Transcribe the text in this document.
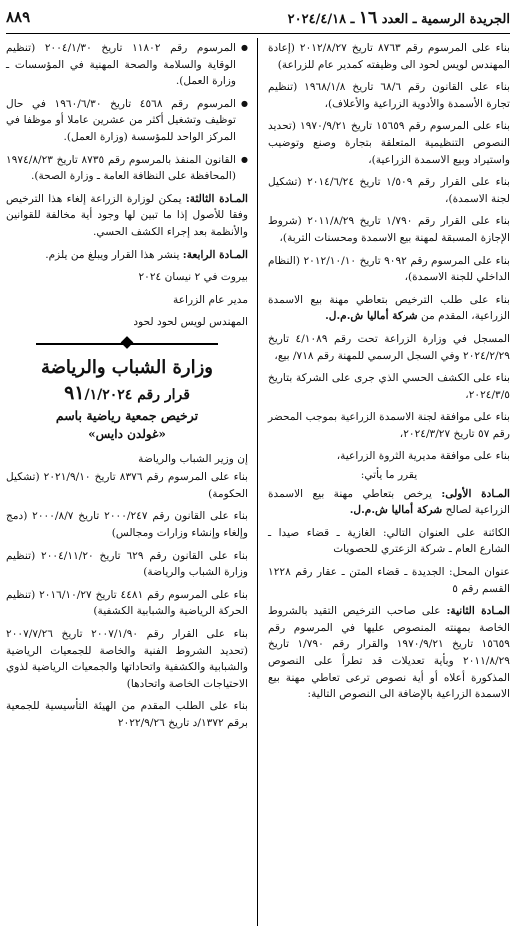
الجريدة الرسمية ـ العدد ١٦ ـ ٢٠٢٤/٤/١٨
٨٨٩

بناء على المرسوم رقم ٨٧٦٣ تاريخ ٢٠١٢/٨/٢٧ (إعادة المهندس لويس لحود الى وظيفته كمدير عام للزراعة)

بناء على القانون رقم ٦٨/٦ تاريخ ١٩٦٨/١/٨ (تنظيم تجارة الأسمدة والأدوية الزراعية والأعلاف)،

بناء على المرسوم رقم ١٥٦٥٩ تاريخ ١٩٧٠/٩/٢١ (تحديد النصوص التنظيمية المتعلقة بتجارة وصنع وتوضيب واستيراد وبيع الاسمدة الزراعية)،

بناء على القرار رقم ١/٥٠٩ تاريخ ٢٠١٤/٦/٢٤ (تشكيل لجنة الاسمدة)،

بناء على القرار رقم ١/٧٩٠ تاريخ ٢٠١١/٨/٢٩ (شروط الإجازة المسبقة لمهنة بيع الاسمدة ومحسنات التربة)،

بناء على المرسوم رقم ٩٠٩٢ تاريخ ٢٠١٢/١٠/١٠ (النظام الداخلي للجنة الاسمدة)،

بناء على طلب الترخيص بتعاطي مهنة بيع الاسمدة الزراعية، المقدم من شركة أماليا ش.م.ل.

المسجل في وزارة الزراعة تحت رقم ٤/١٠٨٩ تاريخ ٢٠٢٤/٢/٢٩ وفي السجل الرسمي للمهنة رقم ٧١٨/ بيع،

بناء على الكشف الحسي الذي جرى على الشركة بتاريخ ٢٠٢٤/٣/٥،

بناء على موافقة لجنة الاسمدة الزراعية بموجب المحضر رقم ٥٧ تاريخ ٢٠٢٤/٣/٢٧،

بناء على موافقة مديرية الثروة الزراعية،

يقرر ما يأتي:

المـادة الأولى: يرخص بتعاطي مهنة بيع الاسمدة الزراعية لصالح شركة أماليا ش.م.ل.

الكائنة على العنوان التالي: الغازية ـ قضاء صيدا ـ الشارع العام ـ شركة الزعتري للحصويات

عنوان المحل: الجديدة ـ قضاء المتن ـ عقار رقم ١٢٢٨ القسم رقم ٥

المـادة الثانية: على صاحب الترخيص التقيد بالشروط الخاصة بمهنته المنصوص عليها في المرسوم رقم ١٥٦٥٩ تاريخ ١٩٧٠/٩/٢١ والقرار رقم ١/٧٩٠ تاريخ ٢٠١١/٨/٢٩ وبأية تعديلات قد تطرأ على النصوص المذكورة أعلاه أو أية نصوص ترعى تعاطي مهنة بيع الاسمدة الزراعية بالإضافة الى النصوص التالية:

● المرسوم رقم ١١٨٠٢ تاريخ ٢٠٠٤/١/٣٠ (تنظيم الوقاية والسلامة والصحة المهنية في المؤسسات ـ وزارة العمل).

● المرسوم رقم ٤٥٦٨ تاريخ ١٩٦٠/٦/٣٠ في حال توظيف وتشغيل أكثر من عشرين عاملا أو موظفا في المركز الواحد للمؤسسة (وزارة العمل).

● القانون المنفذ بالمرسوم رقم ٨٧٣٥ تاريخ ١٩٧٤/٨/٢٣ (المحافظة على النظافة العامة ـ وزارة الصحة).

المـادة الثالثة: يمكن لوزارة الزراعة إلغاء هذا الترخيص وفقا للأصول إذا ما تبين لها وجود أية مخالفة للقوانين والأنظمة بعد إجراء الكشف الحسي.

المـادة الرابعة: ينشر هذا القرار ويبلغ من يلزم.

بيروت في ٢ نيسان ٢٠٢٤

مدير عام الزراعة

المهندس لويس لحود لحود

وزارة الشباب والرياضة
قرار رقم ٩١/١/٢٠٢٤
ترخيص جمعية رياضية باسم
«غولدن دايس»

إن وزير الشباب والرياضة

بناء على المرسوم رقم ٨٣٧٦ تاريخ ٢٠٢١/٩/١٠ (تشكيل الحكومة)

بناء على القانون رقم ٢٠٠٠/٢٤٧ تاريخ ٢٠٠٠/٨/٧ (دمج وإلغاء وإنشاء وزارات ومجالس)

بناء على القانون رقم ٦٢٩ تاريخ ٢٠٠٤/١١/٢٠ (تنظيم وزارة الشباب والرياضة)

بناء على المرسوم رقم ٤٤٨١ تاريخ ٢٠١٦/١٠/٢٧ (تنظيم الحركة الرياضية والشبابية الكشفية)

بناء على القرار رقم ٢٠٠٧/١/٩٠ تاريخ ٢٠٠٧/٧/٢٦ (تحديد الشروط الفنية والخاصة للجمعيات الرياضية والشبابية والكشفية واتحاداتها والجمعيات الرياضية لذوي الاحتياجات الخاصة واتحادها)

بناء على الطلب المقدم من الهيئة التأسيسية للجمعية برقم ١٣٧٢/د تاريخ ٢٠٢٢/٩/٢٦
